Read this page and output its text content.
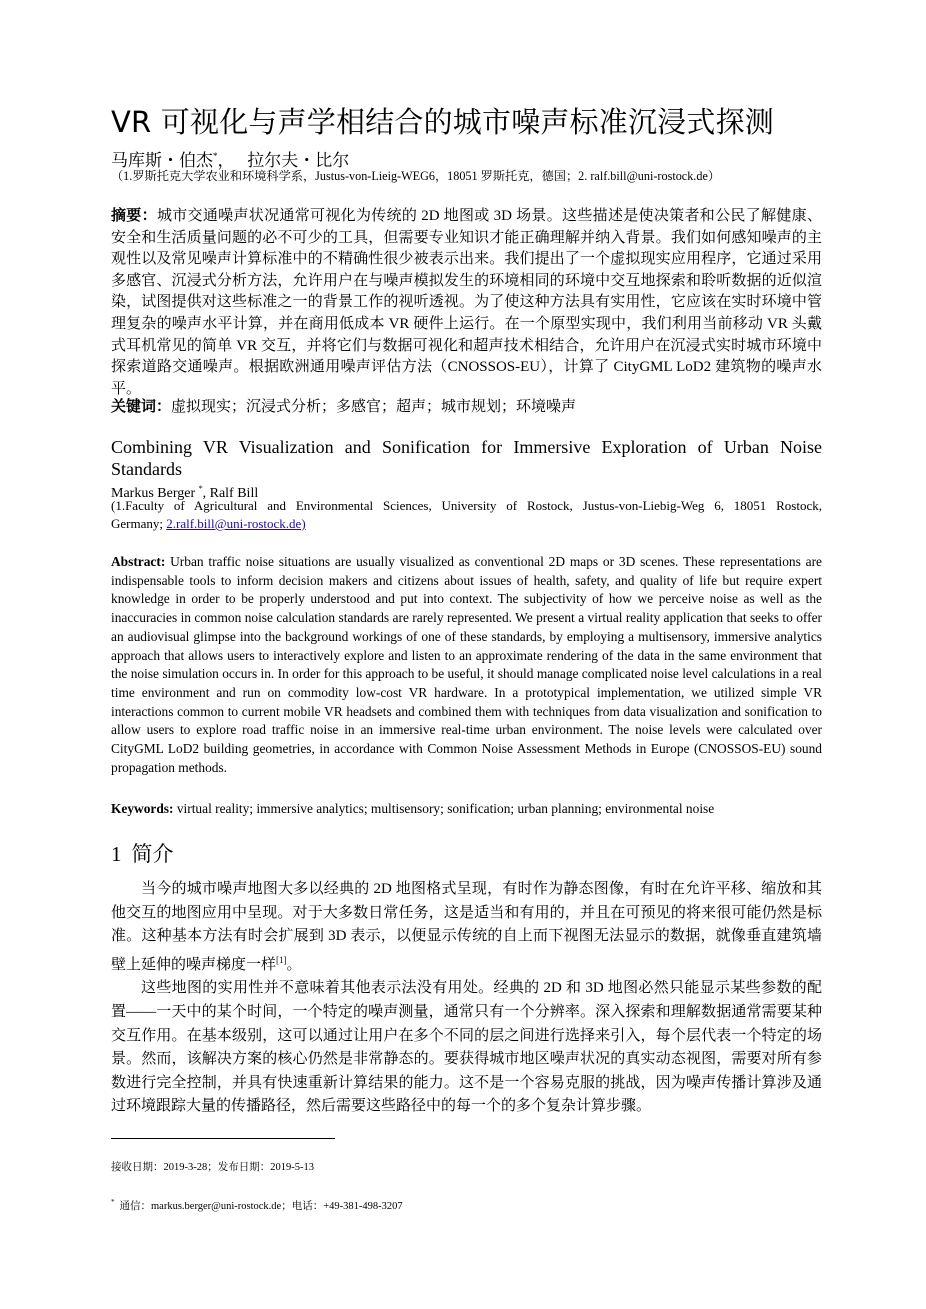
VR 可视化与声学相结合的城市噪声标准沉浸式探测
马库斯・伯杰*， 拉尔夫・比尔
（1.罗斯托克大学农业和环境科学系，Justus-von-Lieig-WEG6，18051 罗斯托克，德国；2. ralf.bill@uni-rostock.de）
摘要：城市交通噪声状况通常可视化为传统的 2D 地图或 3D 场景。这些描述是使决策者和公民了解健康、安全和生活质量问题的必不可少的工具，但需要专业知识才能正确理解并纳入背景。我们如何感知噪声的主观性以及常见噪声计算标准中的不精确性很少被表示出来。我们提出了一个虚拟现实应用程序，它通过采用多感官、沉浸式分析方法，允许用户在与噪声模拟发生的环境相同的环境中交互地探索和聆听数据的近似渲染，试图提供对这些标准之一的背景工作的视听透视。为了使这种方法具有实用性，它应该在实时环境中管理复杂的噪声水平计算，并在商用低成本 VR 硬件上运行。在一个原型实现中，我们利用当前移动 VR 头戴式耳机常见的简单 VR 交互，并将它们与数据可视化和超声技术相结合，允许用户在沉浸式实时城市环境中探索道路交通噪声。根据欧洲通用噪声评估方法（CNOSSOS-EU），计算了 CityGML LoD2 建筑物的噪声水平。
关键词：虚拟现实；沉浸式分析；多感官；超声；城市规划；环境噪声
Combining VR Visualization and Sonification for Immersive Exploration of Urban Noise
Standards
Markus Berger *, Ralf Bill
(1.Faculty of Agricultural and Environmental Sciences, University of Rostock, Justus-von-Liebig-Weg 6, 18051 Rostock,
Germany; 2.ralf.bill@uni-rostock.de)
Abstract: Urban traffic noise situations are usually visualized as conventional 2D maps or 3D scenes. These representations are indispensable tools to inform decision makers and citizens about issues of health, safety, and quality of life but require expert knowledge in order to be properly understood and put into context. The subjectivity of how we perceive noise as well as the inaccuracies in common noise calculation standards are rarely represented. We present a virtual reality application that seeks to offer an audiovisual glimpse into the background workings of one of these standards, by employing a multisensory, immersive analytics approach that allows users to interactively explore and listen to an approximate rendering of the data in the same environment that the noise simulation occurs in. In order for this approach to be useful, it should manage complicated noise level calculations in a real time environment and run on commodity low-cost VR hardware. In a prototypical implementation, we utilized simple VR interactions common to current mobile VR headsets and combined them with techniques from data visualization and sonification to allow users to explore road traffic noise in an immersive real-time urban environment. The noise levels were calculated over CityGML LoD2 building geometries, in accordance with Common Noise Assessment Methods in Europe (CNOSSOS-EU) sound propagation methods.
Keywords: virtual reality; immersive analytics; multisensory; sonification; urban planning; environmental noise
1 简介

当今的城市噪声地图大多以经典的 2D 地图格式呈现，有时作为静态图像，有时在允许平移、缩放和其他交互的地图应用中呈现。对于大多数日常任务，这是适当和有用的，并且在可预见的将来很可能仍然是标准。这种基本方法有时会扩展到 3D 表示，以便显示传统的自上而下视图无法显示的数据，就像垂直建筑墙壁上延伸的噪声梯度一样[1]。

这些地图的实用性并不意味着其他表示法没有用处。经典的 2D 和 3D 地图必然只能显示某些参数的配置——一天中的某个时间，一个特定的噪声测量，通常只有一个分辨率。深入探索和理解数据通常需要某种交互作用。在基本级别，这可以通过让用户在多个不同的层之间进行选择来引入，每个层代表一个特定的场景。然而，该解决方案的核心仍然是非常静态的。要获得城市地区噪声状况的真实动态视图，需要对所有参数进行完全控制，并具有快速重新计算结果的能力。这不是一个容易克服的挑战，因为噪声传播计算涉及通过环境跟踪大量的传播路径，然后需要这些路径中的每一个的多个复杂计算步骤。

接收日期：2019-3-28；发布日期：2019-5-13
* 通信：markus.berger@uni-rostock.de；电话：+49-381-498-3207
